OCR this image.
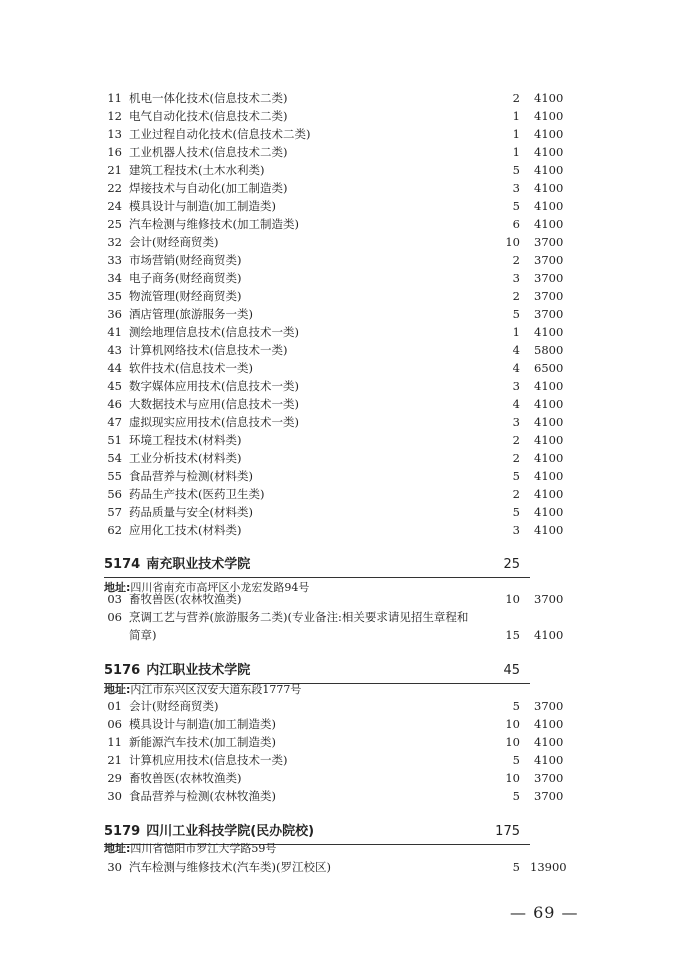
11 机电一体化技术(信息技术二类)	2 4100
12 电气自动化技术(信息技术二类)	1 4100
13 工业过程自动化技术(信息技术二类)	1 4100
16 工业机器人技术(信息技术二类)	1 4100
21 建筑工程技术(土木水利类)	5 4100
22 焊接技术与自动化(加工制造类)	3 4100
24 模具设计与制造(加工制造类)	5 4100
25 汽车检测与维修技术(加工制造类)	6 4100
32 会计(财经商贸类)	10 3700
33 市场营销(财经商贸类)	2 3700
34 电子商务(财经商贸类)	3 3700
35 物流管理(财经商贸类)	2 3700
36 酒店管理(旅游服务一类)	5 3700
41 测绘地理信息技术(信息技术一类)	1 4100
43 计算机网络技术(信息技术一类)	4 5800
44 软件技术(信息技术一类)	4 6500
45 数字媒体应用技术(信息技术一类)	3 4100
46 大数据技术与应用(信息技术一类)	4 4100
47 虚拟现实应用技术(信息技术一类)	3 4100
51 环境工程技术(材料类)	2 4100
54 工业分析技术(材料类)	2 4100
55 食品营养与检测(材料类)	5 4100
56 药品生产技术(医药卫生类)	2 4100
57 药品质量与安全(材料类)	5 4100
62 应用化工技术(材料类)	3 4100
5174 南充职业技术学院	25
地址:四川省南充市高坪区小龙宏发路94号
03 畜牧兽医(农林牧渔类)	10 3700
06 烹调工艺与营养(旅游服务二类)(专业备注:相关要求请见招生章程和
简章)	15 4100
5176 内江职业技术学院	45
地址:内江市东兴区汉安大道东段1777号
01 会计(财经商贸类)	5 3700
06 模具设计与制造(加工制造类)	10 4100
11 新能源汽车技术(加工制造类)	10 4100
21 计算机应用技术(信息技术一类)	5 4100
29 畜牧兽医(农林牧渔类)	10 3700
30 食品营养与检测(农林牧渔类)	5 3700
5179 四川工业科技学院(民办院校)	175
地址:四川省德阳市罗江大学路59号
30 汽车检测与维修技术(汽车类)(罗江校区)	5 13900
— 69 —
